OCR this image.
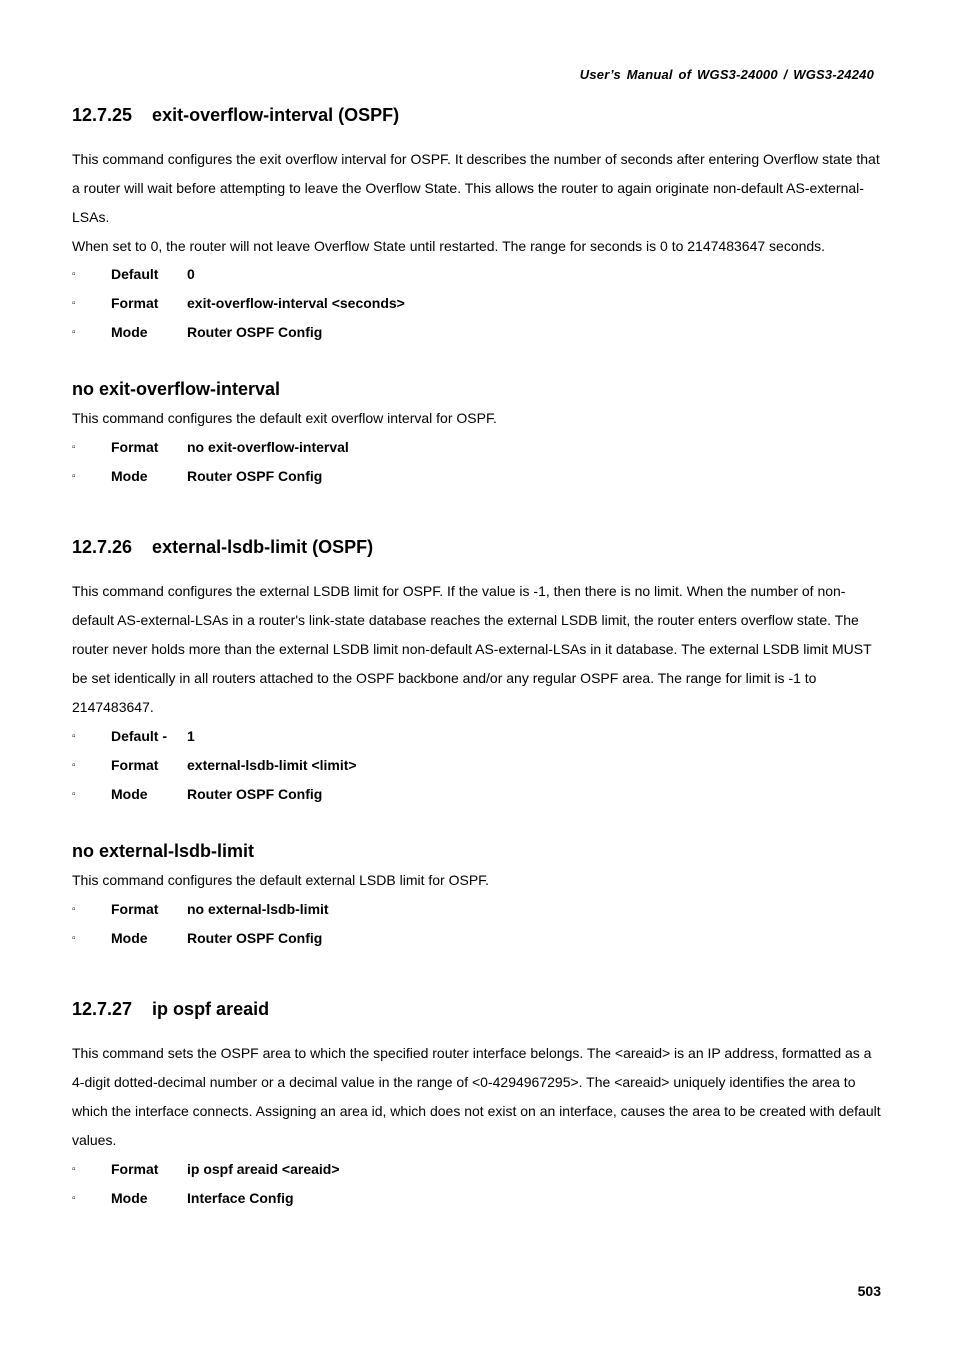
User’s Manual of WGS3-24000 / WGS3-24240
12.7.25    exit-overflow-interval (OSPF)

This command configures the exit overflow interval for OSPF. It describes the number of seconds after entering Overflow state that a router will wait before attempting to leave the Overflow State. This allows the router to again originate non-default AS-external-LSAs.

When set to 0, the router will not leave Overflow State until restarted. The range for seconds is 0 to 2147483647 seconds.

▫	Default 0
▫	Format exit-overflow-interval <seconds>
▫	Mode	Router OSPF Config
no exit-overflow-interval
This command configures the default exit overflow interval for OSPF.
▫	Format no exit-overflow-interval
▫	Mode	Router OSPF Config
12.7.26    external-lsdb-limit (OSPF)
This command configures the external LSDB limit for OSPF. If the value is -1, then there is no limit. When the number of non-default AS-external-LSAs in a router's link-state database reaches the external LSDB limit, the router enters overflow state. The router never holds more than the external LSDB limit non-default AS-external-LSAs in it database. The external LSDB limit MUST be set identically in all routers attached to the OSPF backbone and/or any regular OSPF area. The range for limit is -1 to 2147483647.
▫	Default - 1
▫	Format external-lsdb-limit <limit>
▫	Mode	Router OSPF Config
no external-lsdb-limit
This command configures the default external LSDB limit for OSPF.
▫	Format no external-lsdb-limit
▫	Mode	Router OSPF Config
12.7.27    ip ospf areaid
This command sets the OSPF area to which the specified router interface belongs. The <areaid> is an IP address, formatted as a 4-digit dotted-decimal number or a decimal value in the range of <0-4294967295>. The <areaid> uniquely identifies the area to which the interface connects. Assigning an area id, which does not exist on an interface, causes the area to be created with default values.
▫	Format ip ospf areaid <areaid>
▫	Mode	Interface Config
503
